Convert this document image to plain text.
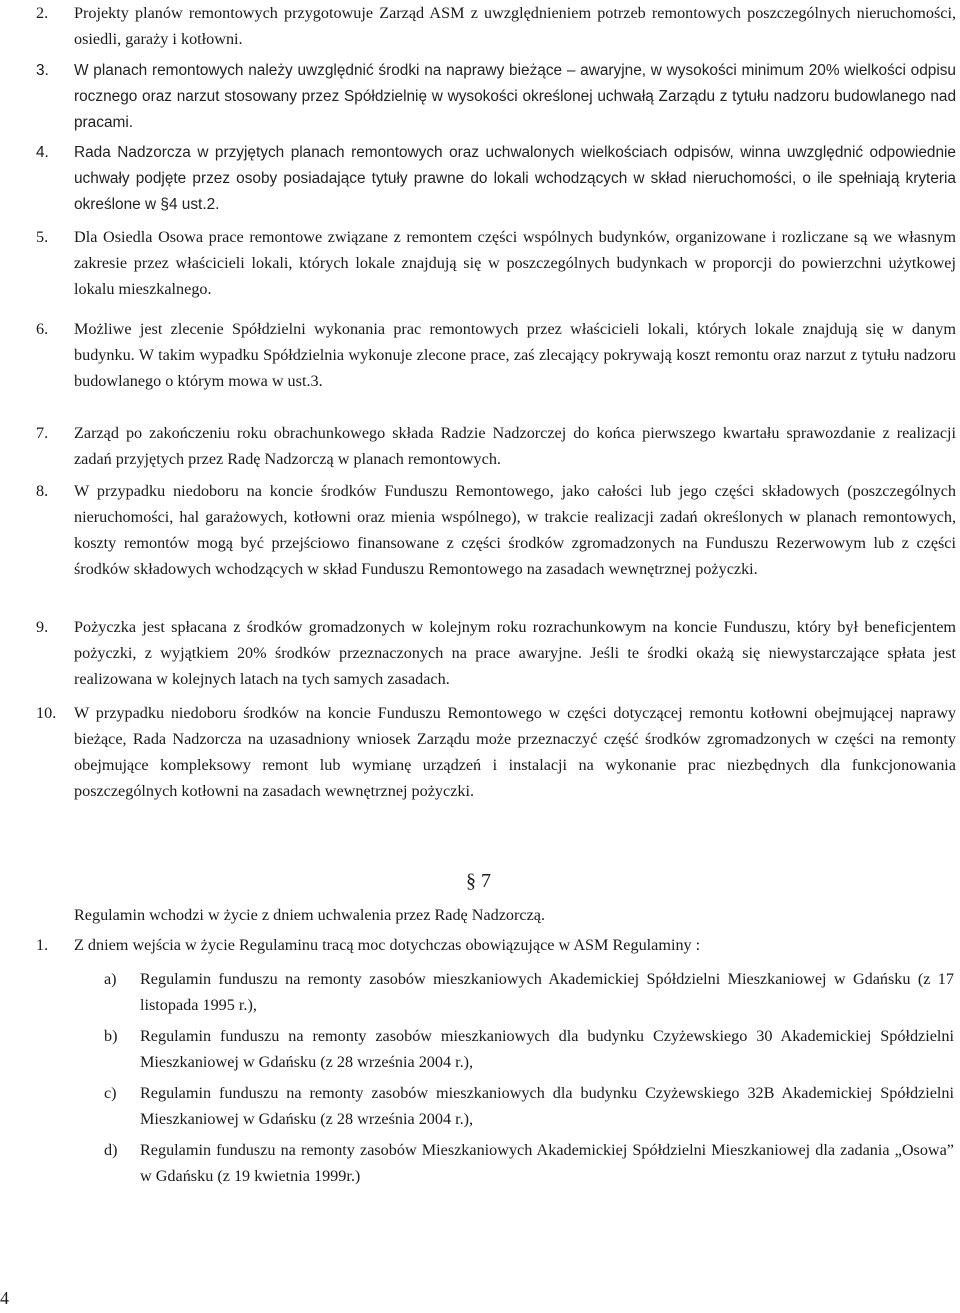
2. Projekty planów remontowych przygotowuje Zarząd ASM z uwzględnieniem potrzeb remontowych poszczególnych nieruchomości, osiedli, garaży i kotłowni.
3. W planach remontowych należy uwzględnić środki na naprawy bieżące – awaryjne, w wysokości minimum 20% wielkości odpisu rocznego oraz narzut stosowany przez Spółdzielnię w wysokości określonej uchwałą Zarządu z tytułu nadzoru budowlanego nad pracami.
4. Rada Nadzorcza w przyjętych planach remontowych oraz uchwalonych wielkościach odpisów, winna uwzględnić odpowiednie uchwały podjęte przez osoby posiadające tytuły prawne do lokali wchodzących w skład nieruchomości, o ile spełniają kryteria określone w §4 ust.2.
5. Dla Osiedla Osowa prace remontowe związane z remontem części wspólnych budynków, organizowane i rozliczane są we własnym zakresie przez właścicieli lokali, których lokale znajdują się w poszczególnych budynkach w proporcji do powierzchni użytkowej lokalu mieszkalnego.
6. Możliwe jest zlecenie Spółdzielni wykonania prac remontowych przez właścicieli lokali, których lokale znajdują się w danym budynku. W takim wypadku Spółdzielnia wykonuje zlecone prace, zaś zlecający pokrywają koszt remontu oraz narzut z tytułu nadzoru budowlanego o którym mowa w ust.3.
7. Zarząd po zakończeniu roku obrachunkowego składa Radzie Nadzorczej do końca pierwszego kwartału sprawozdanie z realizacji zadań przyjętych przez Radę Nadzorczą w planach remontowych.
8. W przypadku niedoboru na koncie środków Funduszu Remontowego, jako całości lub jego części składowych (poszczególnych nieruchomości, hal garażowych, kotłowni oraz mienia wspólnego), w trakcie realizacji zadań określonych w planach remontowych, koszty remontów mogą być przejściowo finansowane z części środków zgromadzonych na Funduszu Rezerwowym lub z części środków składowych wchodzących w skład Funduszu Remontowego na zasadach wewnętrznej pożyczki.
9. Pożyczka jest spłacana z środków gromadzonych w kolejnym roku rozrachunkowym na koncie Funduszu, który był beneficjentem pożyczki, z wyjątkiem 20% środków przeznaczonych na prace awaryjne. Jeśli te środki okażą się niewystarczające spłata jest realizowana w kolejnych latach na tych samych zasadach.
10. W przypadku niedoboru środków na koncie Funduszu Remontowego w części dotyczącej remontu kotłowni obejmującej naprawy bieżące, Rada Nadzorcza na uzasadniony wniosek Zarządu może przeznaczyć część środków zgromadzonych w części na remonty obejmujące kompleksowy remont lub wymianę urządzeń i instalacji na wykonanie prac niezbędnych dla funkcjonowania poszczególnych kotłowni na zasadach wewnętrznej pożyczki.
§ 7
Regulamin wchodzi w życie z dniem uchwalenia przez Radę Nadzorczą.
1. Z dniem wejścia w życie Regulaminu tracą moc dotychczas obowiązujące w ASM Regulaminy :
a) Regulamin funduszu na remonty zasobów mieszkaniowych Akademickiej Spółdzielni Mieszkaniowej w Gdańsku (z 17 listopada 1995 r.),
b) Regulamin funduszu na remonty zasobów mieszkaniowych dla budynku Czyżewskiego 30 Akademickiej Spółdzielni Mieszkaniowej w Gdańsku (z 28 września 2004 r.),
c) Regulamin funduszu na remonty zasobów mieszkaniowych dla budynku Czyżewskiego 32B Akademickiej Spółdzielni Mieszkaniowej w Gdańsku (z 28 września 2004 r.),
d) Regulamin funduszu na remonty zasobów Mieszkaniowych Akademickiej Spółdzielni Mieszkaniowej dla zadania „Osowa” w Gdańsku (z 19 kwietnia 1999r.)
4
